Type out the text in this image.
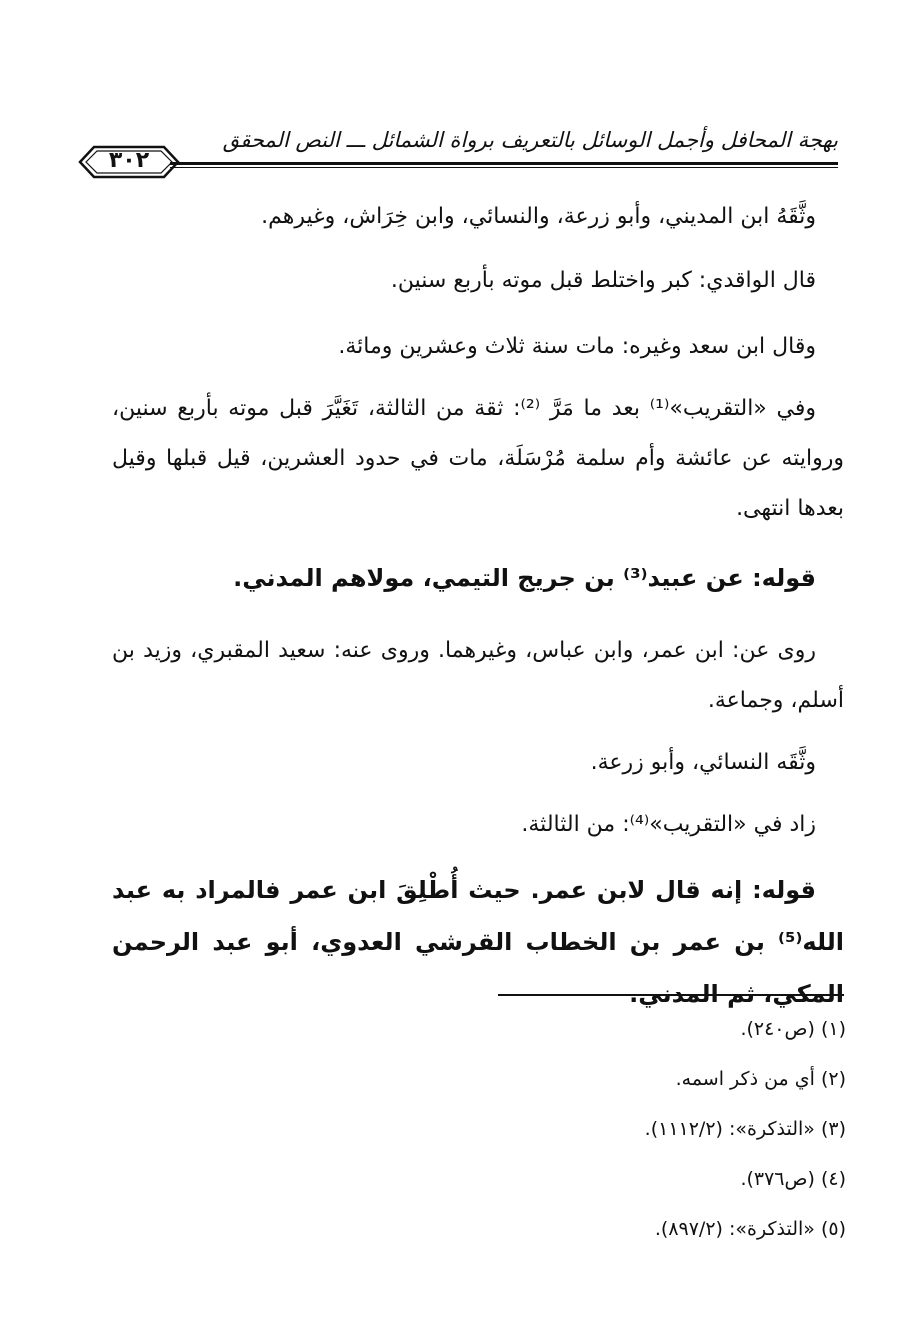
بهجة المحافل وأجمل الوسائل بالتعريف برواة الشمائل ـــ النص المحقق
٣٠٢

وثَّقَهُ ابن المديني، وأبو زرعة، والنسائي، وابن خِرَاش، وغيرهم.

قال الواقدي: كبر واختلط قبل موته بأربع سنين.

وقال ابن سعد وغيره: مات سنة ثلاث وعشرين ومائة.

وفي «التقريب»⁽¹⁾ بعد ما مَرَّ ⁽²⁾: ثقة من الثالثة، تَغَيَّرَ قبل موته بأربع سنين، وروايته عن عائشة وأم سلمة مُرْسَلَة، مات في حدود العشرين، قيل قبلها وقيل بعدها انتهى.

قوله: عن عبيد⁽³⁾ بن جريج التيمي، مولاهم المدني.

روى عن: ابن عمر، وابن عباس، وغيرهما. وروى عنه: سعيد المقبري، وزيد بن أسلم، وجماعة.

وثَّقَه النسائي، وأبو زرعة.

زاد في «التقريب»⁽⁴⁾: من الثالثة.

قوله: إنه قال لابن عمر. حيث أُطْلِقَ ابن عمر فالمراد به عبد الله⁽⁵⁾ بن عمر بن الخطاب القرشي العدوي، أبو عبد الرحمن المكي، ثم المدني.

(١) (ص٢٤٠).

(٢) أي من ذكر اسمه.

(٣) «التذكرة»: (١١١٢/٢).

(٤) (ص٣٧٦).

(٥) «التذكرة»: (٨٩٧/٢).
